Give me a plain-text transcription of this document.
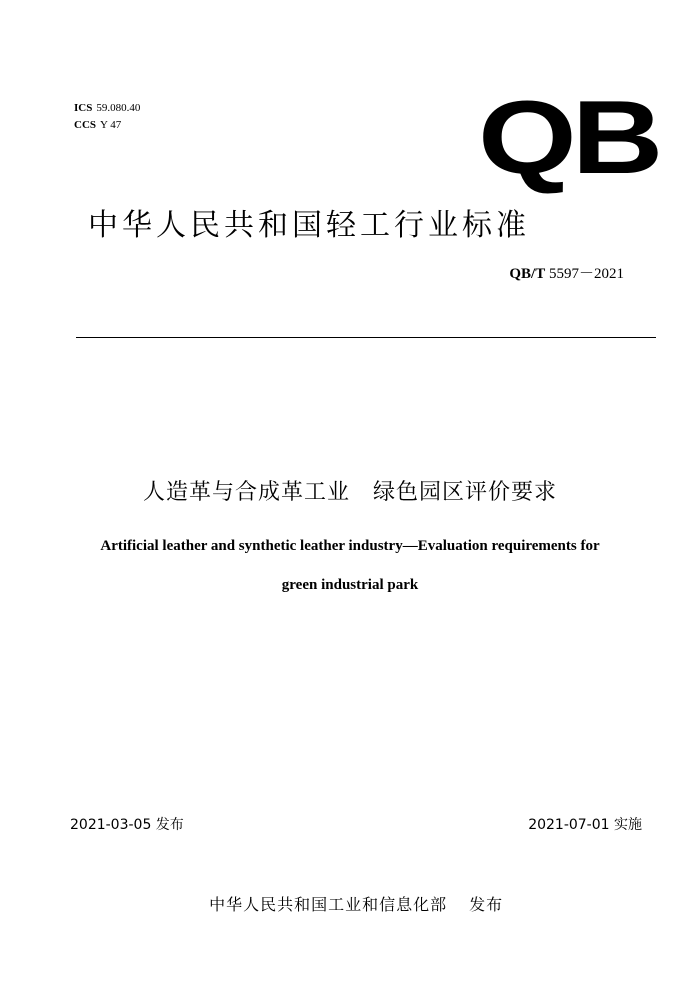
ICS 59.080.40
CCS Y 47	QB
中华人民共和国轻工行业标准
QB/T 5597－2021
人造革与合成革工业　绿色园区评价要求
Artificial leather and synthetic leather industry—Evaluation requirements for
green industrial park
2021-03-05 发布	2021-07-01 实施

中华人民共和国工业和信息化部 发布
